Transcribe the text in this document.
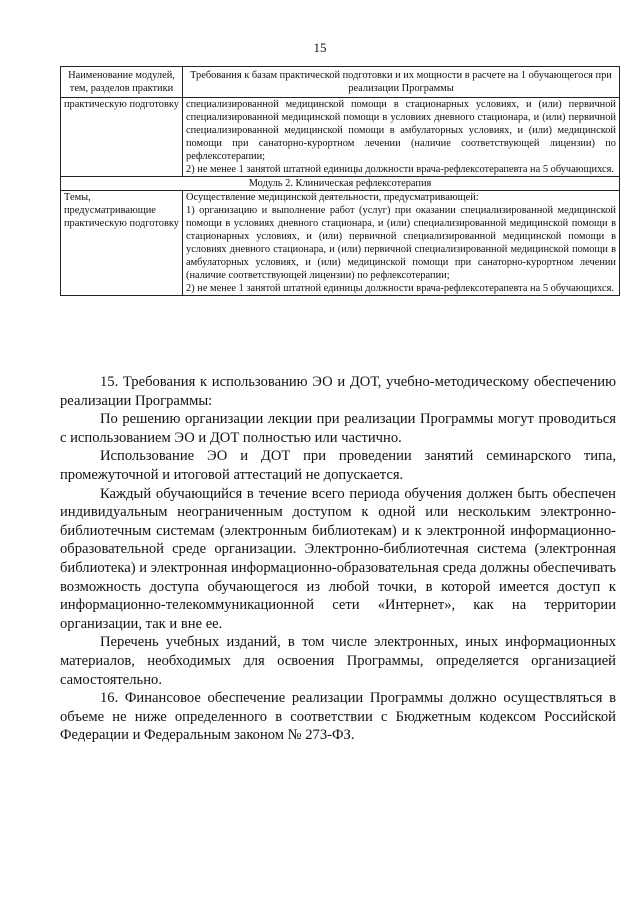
15
Наименование модулей, тем, разделов практики	Требования к базам практической подготовки и их мощности в расчете на 1 обучающегося при реализации Программы
практическую подготовку	специализированной медицинской помощи в стационарных условиях, и (или) первичной специализированной медицинской помощи в условиях дневного стационара, и (или) первичной специализированной медицинской помощи в амбулаторных условиях, и (или) медицинской помощи при санаторно-курортном лечении (наличие соответствующей лицензии) по рефлексотерапии;
2) не менее 1 занятой штатной единицы должности врача-рефлексотерапевта на 5 обучающихся.

Модуль 2. Клиническая рефлексотерапия	
Темы, предусматривающие практическую подготовку	Осуществление медицинской деятельности, предусматривающей:
1) организацию и выполнение работ (услуг) при оказании специализированной медицинской помощи в условиях дневного стационара, и (или) специализированной медицинской помощи в стационарных условиях, и (или) первичной специализированной медицинской помощи в условиях дневного стационара, и (или) первичной специализированной медицинской помощи в амбулаторных условиях, и (или) медицинской помощи при санаторно-курортном лечении (наличие соответствующей лицензии) по рефлексотерапии;
2) не менее 1 занятой штатной единицы должности врача-рефлексотерапевта на 5 обучающихся.

15. Требования к использованию ЭО и ДОТ, учебно-методическому обеспечению реализации Программы:

По решению организации лекции при реализации Программы могут проводиться с использованием ЭО и ДОТ полностью или частично.

Использование ЭО и ДОТ при проведении занятий семинарского типа, промежуточной и итоговой аттестаций не допускается.

Каждый обучающийся в течение всего периода обучения должен быть обеспечен индивидуальным неограниченным доступом к одной или нескольким электронно-библиотечным системам (электронным библиотекам) и к электронной информационно-образовательной среде организации. Электронно-библиотечная система (электронная библиотека) и электронная информационно-образовательная среда должны обеспечивать возможность доступа обучающегося из любой точки, в которой имеется доступ к информационно-телекоммуникационной сети «Интернет», как на территории организации, так и вне ее.

Перечень учебных изданий, в том числе электронных, иных информационных материалов, необходимых для освоения Программы, определяется организацией самостоятельно.

16. Финансовое обеспечение реализации Программы должно осуществляться в объеме не ниже определенного в соответствии с Бюджетным кодексом Российской Федерации и Федеральным законом № 273-ФЗ.
